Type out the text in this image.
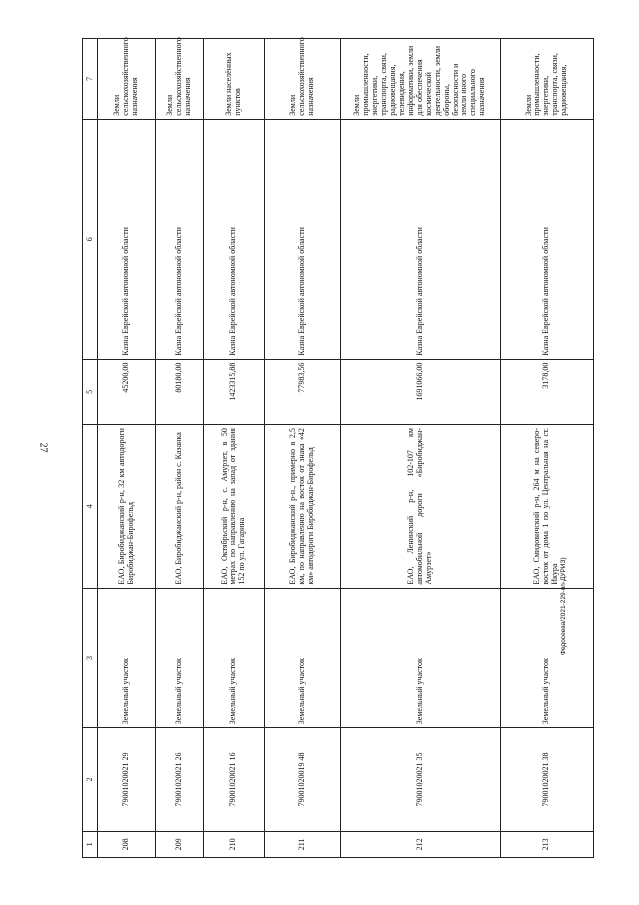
27
1	2	3	4	5	6	7
208	79001020021 29	Земельный участок	ЕАО, Биробиджанский р-н, 32 км автодороги Биробиджан-Бирофельд	45200,00	Казна Еврейской автономной области	Земли сельскохозяйственного назначения
209	79001020021 26	Земельный участок	ЕАО, Биробиджанский р-н, район с. Казанка	80180,00	Казна Еврейской автономной области	Земли сельскохозяйственного назначения
210	79001020021 16	Земельный участок	ЕАО, Октябрьский р-н, с. Амурзет, в 50 метрах по направлению на запад от здания 152 по ул. Гагарина	1423315,88	Казна Еврейской автономной области	Земли населённых пунктов
211	79001020019 48	Земельный участок	ЕАО, Биробиджанский р-н., примерно в 2,5 км, по направлению на восток от знака «42 км» автодороги Биробиджан-Бирофельд	77983,56	Казна Еврейской автономной области	Земли сельскохозяйственного назначения
212	79001020021 35	Земельный участок	ЕАО, Ленинский р-н, 102-107 км автомобильной дороги «Биробиджан-Амурзет»	1691066,00	Казна Еврейской автономной области	Земли промышленности, энергетики, транспорта, связи, радиовещания, телевидения, информатики, земли для обеспечения космической деятельности, земли обороны, безопасности и земли иного специального назначения
213	79001020021 38	Земельный участок	ЕАО, Смидовичский р-н, 264 м на северо-восток от дома 1 по ул. Центральная на ст. Икура	3178,00	Казна Еврейской автономной области	Земли промышленности, энергетики, транспорта, связи, радиовещания,
Федосеева/2021-229-пп-ДУРИЗ)
